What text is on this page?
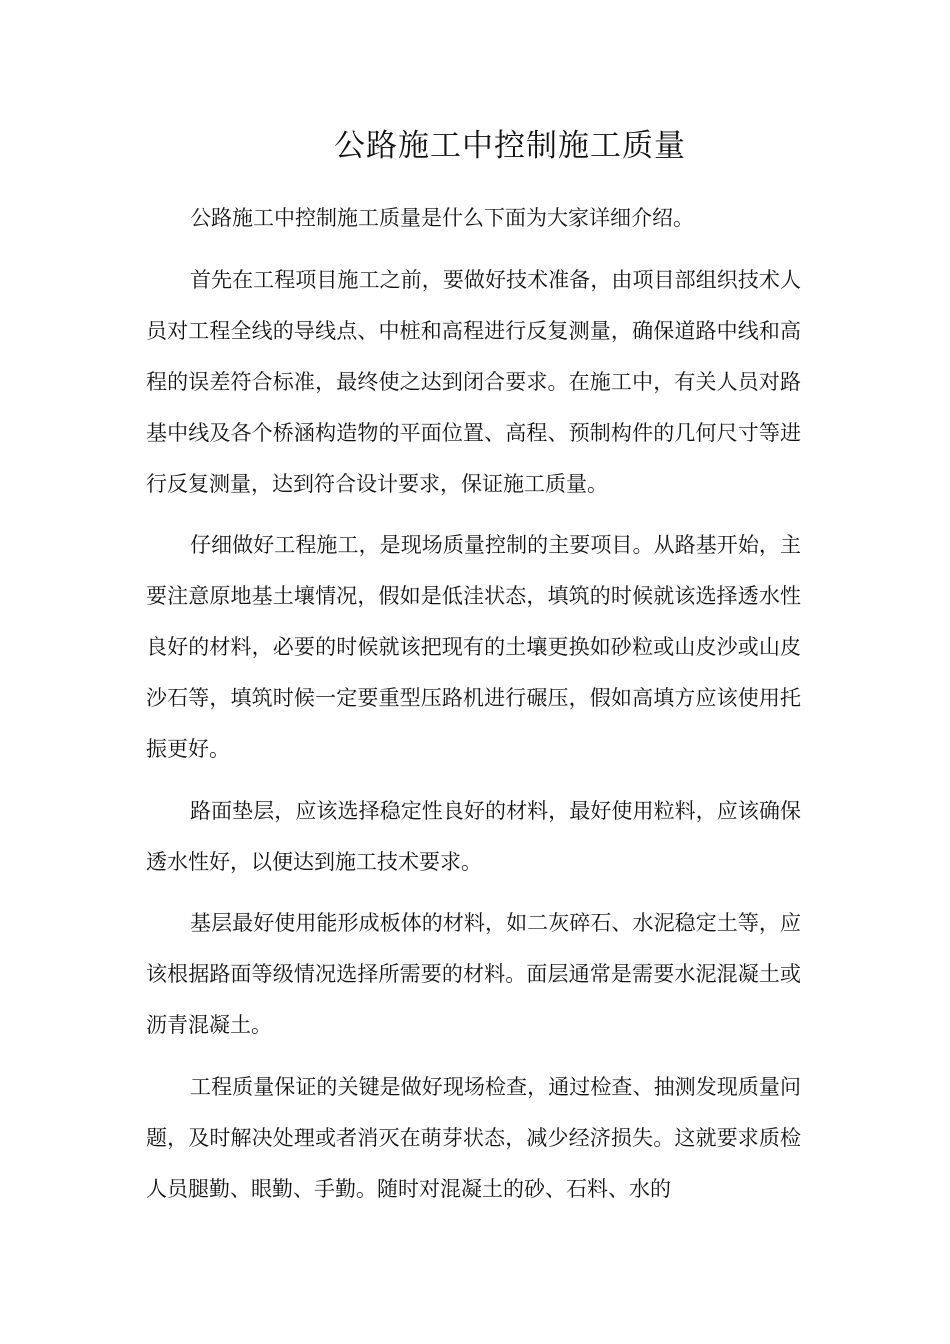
公路施工中控制施工质量

公路施工中控制施工质量是什么下面为大家详细介绍。

首先在工程项目施工之前，要做好技术准备，由项目部组织技术人员对工程全线的导线点、中桩和高程进行反复测量，确保道路中线和高程的误差符合标准，最终使之达到闭合要求。在施工中，有关人员对路基中线及各个桥涵构造物的平面位置、高程、预制构件的几何尺寸等进行反复测量，达到符合设计要求，保证施工质量。

仔细做好工程施工，是现场质量控制的主要项目。从路基开始，主要注意原地基土壤情况，假如是低洼状态，填筑的时候就该选择透水性良好的材料，必要的时候就该把现有的土壤更换如砂粒或山皮沙或山皮沙石等，填筑时候一定要重型压路机进行碾压，假如高填方应该使用托振更好。

路面垫层，应该选择稳定性良好的材料，最好使用粒料，应该确保透水性好，以便达到施工技术要求。

基层最好使用能形成板体的材料，如二灰碎石、水泥稳定土等，应该根据路面等级情况选择所需要的材料。面层通常是需要水泥混凝土或沥青混凝土。

工程质量保证的关键是做好现场检查，通过检查、抽测发现质量问题，及时解决处理或者消灭在萌芽状态，减少经济损失。这就要求质检人员腿勤、眼勤、手勤。随时对混凝土的砂、石料、水的
